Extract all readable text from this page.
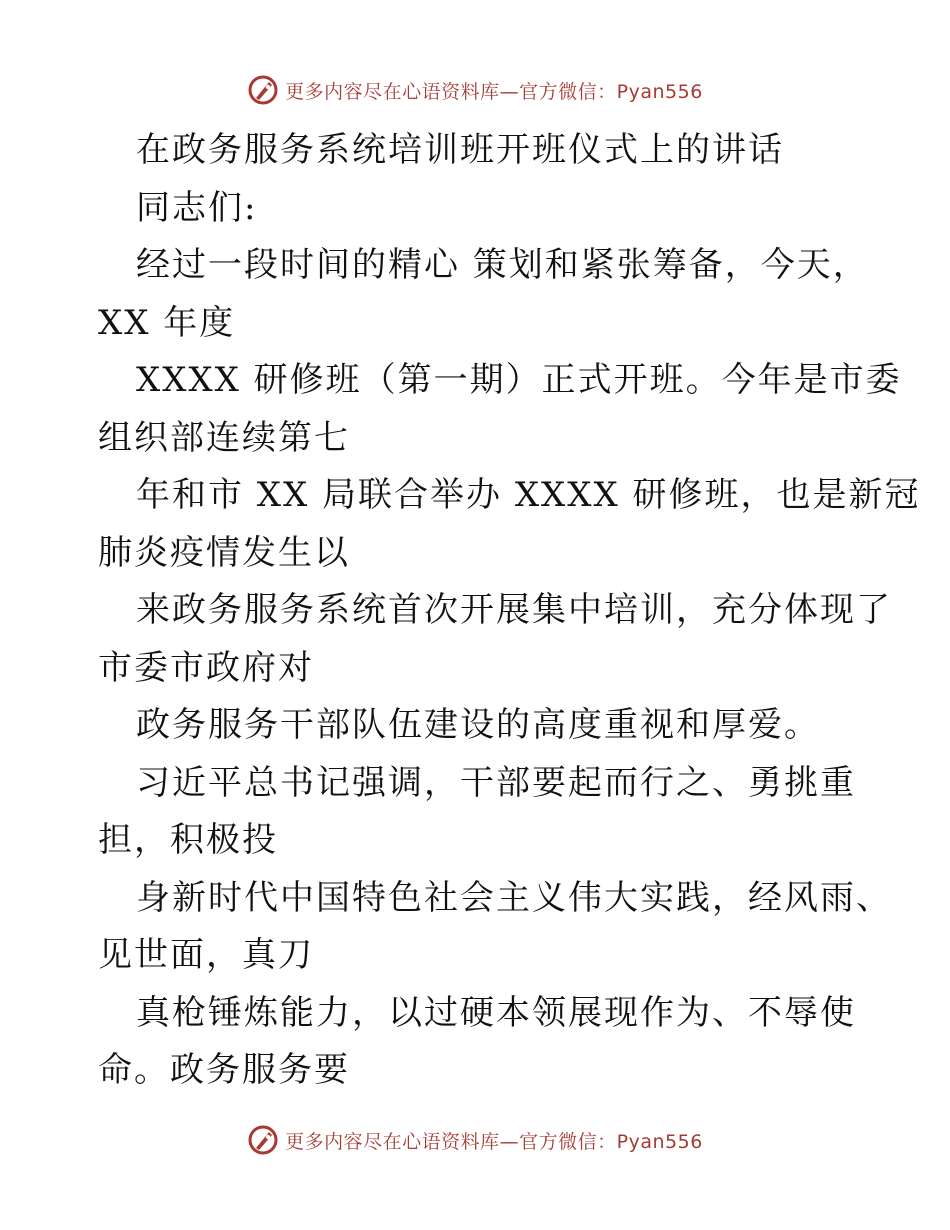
更多内容尽在心语资料库—官方微信：Pyan556
在政务服务系统培训班开班仪式上的讲话
同志们:
经过一段时间的精心 策划和紧张筹备，今天，
XX 年度
XXXX 研修班（第一期）正式开班。今年是市委
组织部连续第七
年和市 XX 局联合举办 XXXX 研修班，也是新冠
肺炎疫情发生以
来政务服务系统首次开展集中培训，充分体现了
市委市政府对
政务服务干部队伍建设的高度重视和厚爱。
习近平总书记强调，干部要起而行之、勇挑重
担，积极投
身新时代中国特色社会主义伟大实践，经风雨、
见世面，真刀
真枪锤炼能力，以过硬本领展现作为、不辱使
命。政务服务要
更多内容尽在心语资料库—官方微信：Pyan556
